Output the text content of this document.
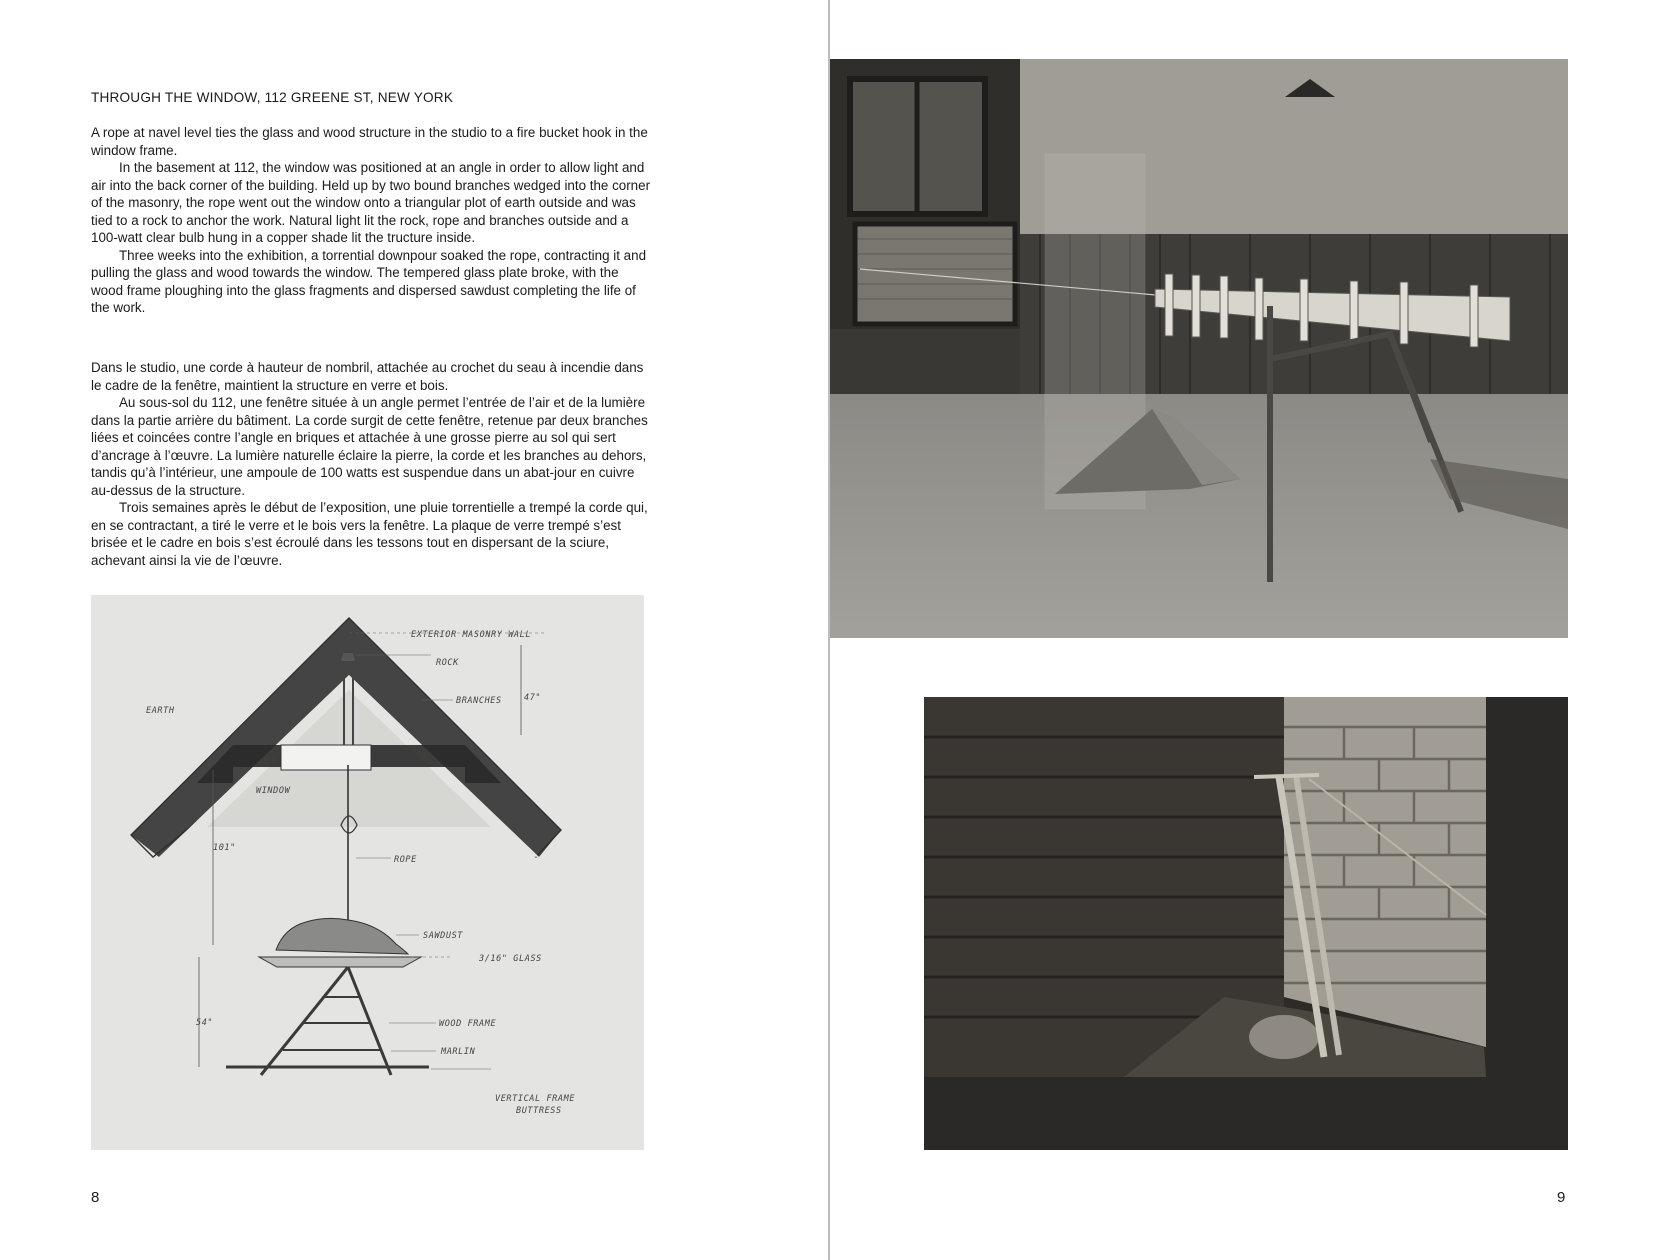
THROUGH THE WINDOW, 112 GREENE ST, NEW YORK

A rope at navel level ties the glass and wood structure in the studio to a fire bucket hook in the window frame.

In the basement at 112, the window was positioned at an angle in order to allow light and air into the back corner of the building. Held up by two bound branches wedged into the corner of the masonry, the rope went out the window onto a triangular plot of earth outside and was tied to a rock to anchor the work. Natural light lit the rock, rope and branches outside and a 100-watt clear bulb hung in a copper shade lit the tructure inside.

Three weeks into the exhibition, a torrential downpour soaked the rope, contracting it and pulling the glass and wood towards the window. The tempered glass plate broke, with the wood frame ploughing into the glass fragments and dispersed sawdust completing the life of the work.

Dans le studio, une corde à hauteur de nombril, attachée au crochet du seau à incendie dans le cadre de la fenêtre, maintient la structure en verre et bois.

Au sous-sol du 112, une fenêtre située à un angle permet l’entrée de l’air et de la lumière dans la partie arrière du bâtiment. La corde surgit de cette fenêtre, retenue par deux branches liées et coincées contre l’angle en briques et attachée à une grosse pierre au sol qui sert d’ancrage à l’œuvre. La lumière naturelle éclaire la pierre, la corde et les branches au dehors, tandis qu’à l’intérieur, une ampoule de 100 watts est suspendue dans un abat-jour en cuivre au-dessus de la structure.

Trois semaines après le début de l’exposition, une pluie torrentielle a trempé la corde qui, en se contractant, a tiré le verre et le bois vers la fenêtre. La plaque de verre trempé s’est brisée et le cadre en bois s’est écroulé dans les tessons tout en dispersant de la sciure, achevant ainsi la vie de l’œuvre.

EXTERIOR MASONRY WALL
ROCK
EARTH
BRANCHES	47"
WINDOW
101"
ROPE
SAWDUST
3/16" GLASS
54"	WOOD FRAME
MARLIN
VERTICAL FRAME
BUTTRESS
8	9
